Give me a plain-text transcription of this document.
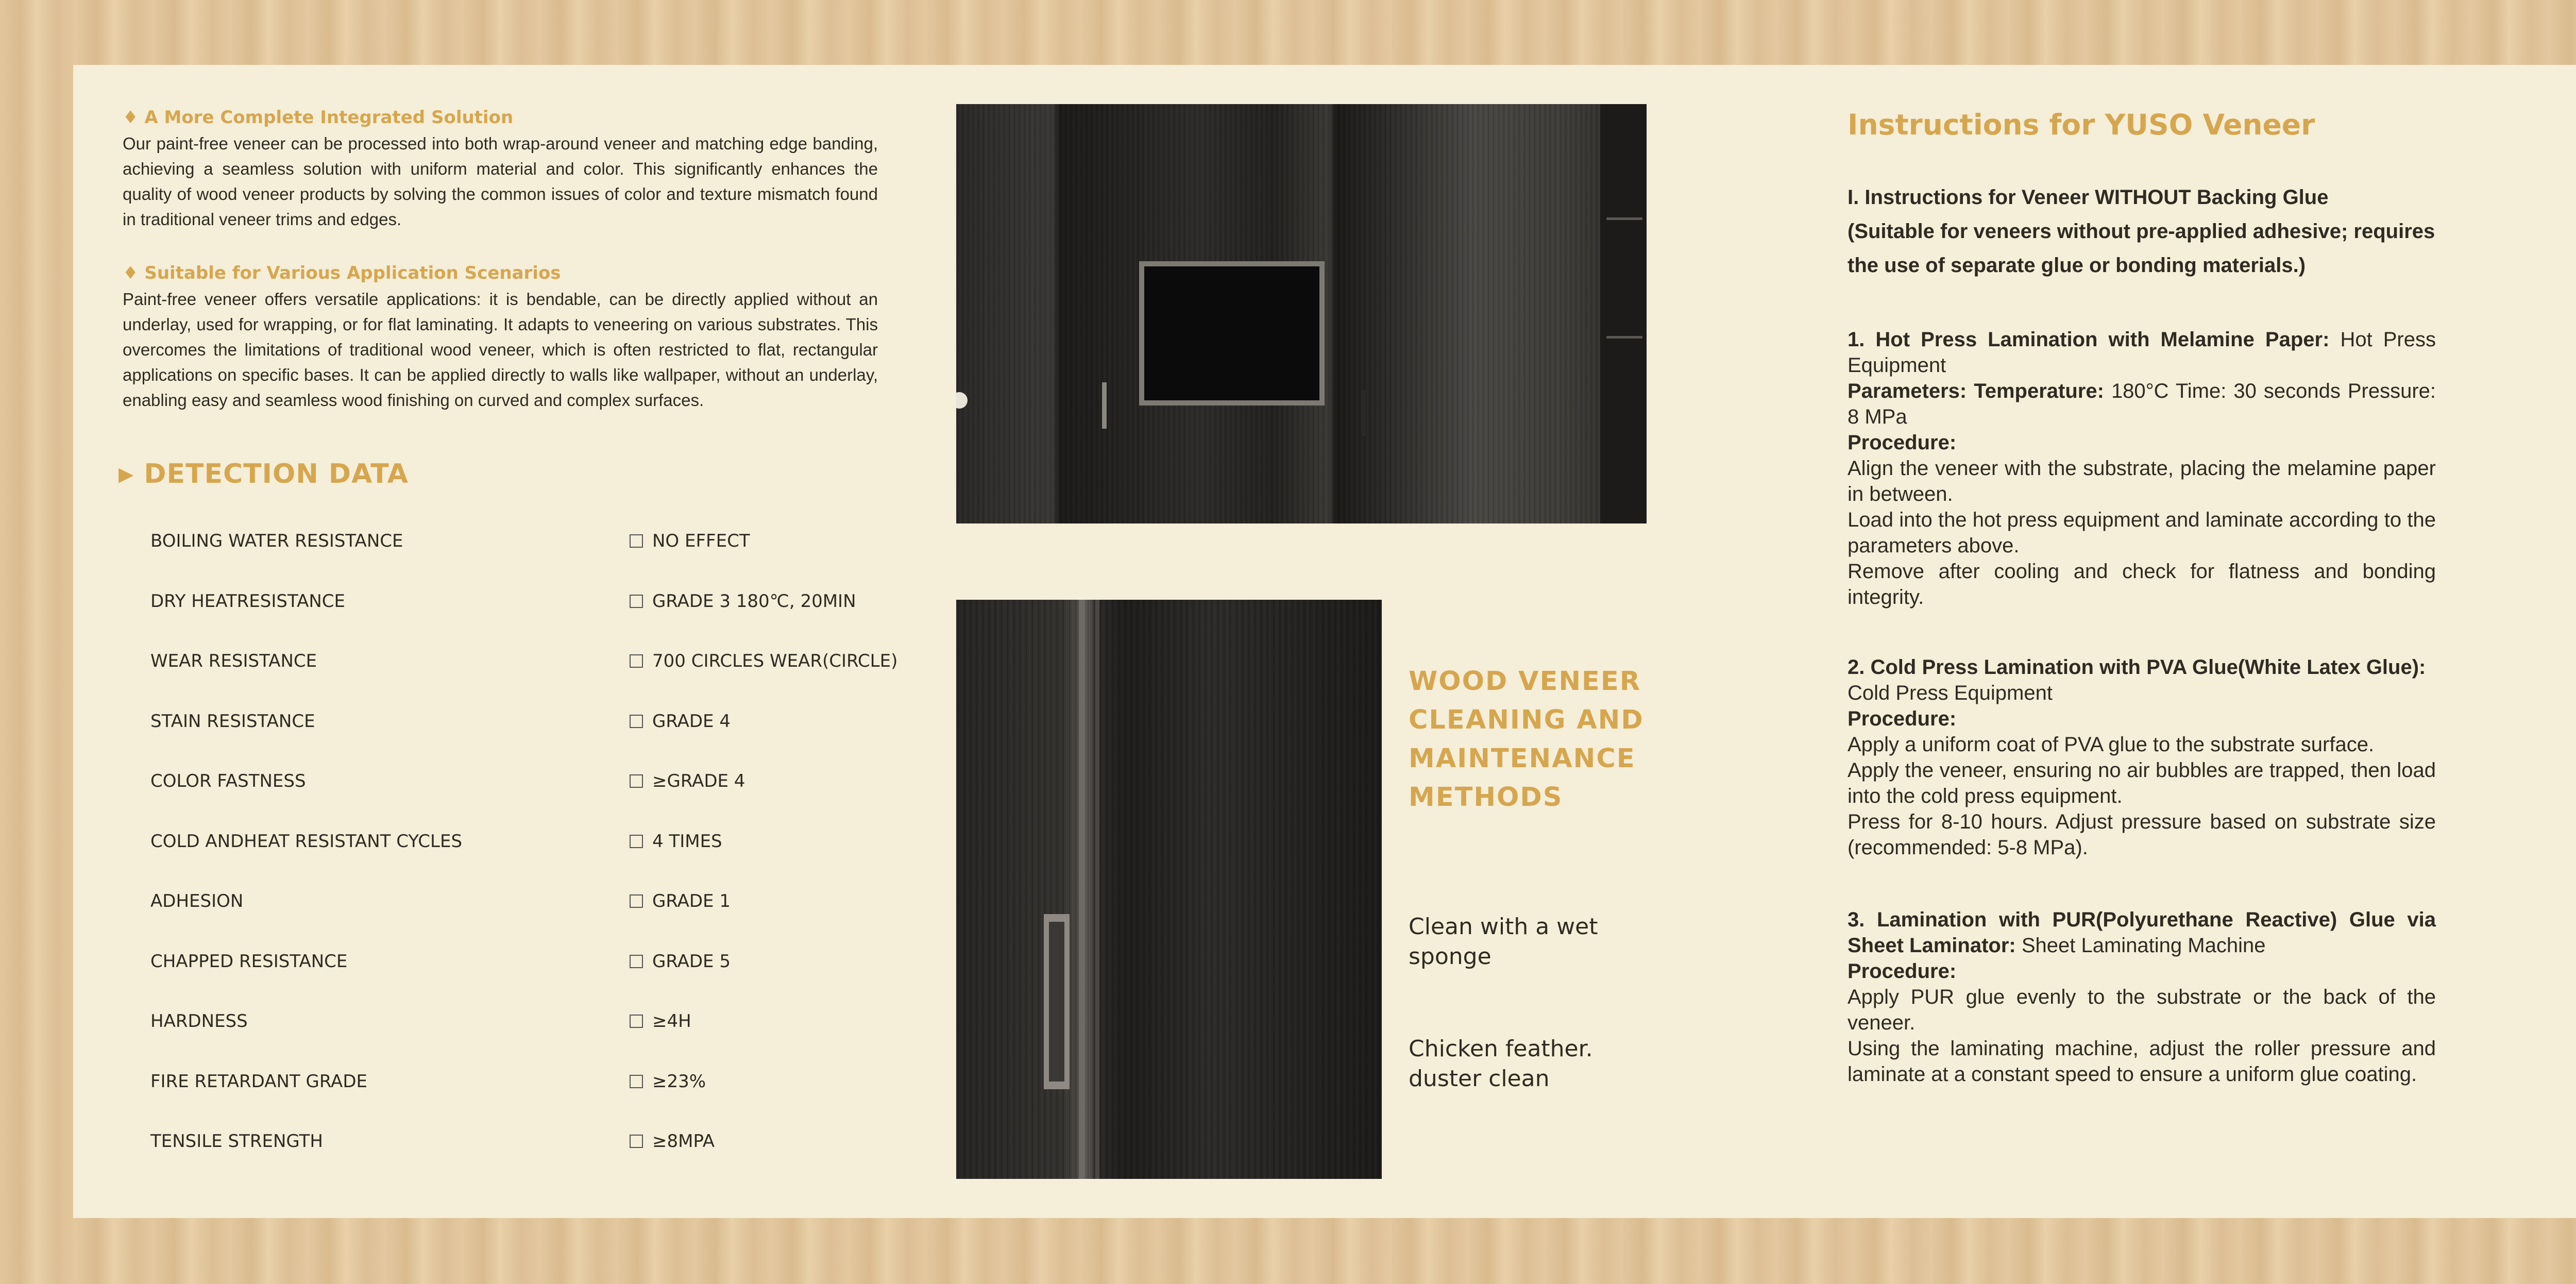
♦ A More Complete Integrated Solution
Our paint-free veneer can be processed into both wrap-around veneer and matching edge banding, achieving a seamless solution with uniform material and color. This significantly enhances the quality of wood veneer products by solving the common issues of color and texture mismatch found in traditional veneer trims and edges.
♦ Suitable for Various Application Scenarios
Paint-free veneer offers versatile applications: it is bendable, can be directly applied without an underlay, used for wrapping, or for flat laminating. It adapts to veneering on various substrates. This overcomes the limitations of traditional wood veneer, which is often restricted to flat, rectangular applications on specific bases. It can be applied directly to walls like wallpaper, without an underlay, enabling easy and seamless wood finishing on curved and complex surfaces.
▶ DETECTION DATA
BOILING WATER RESISTANCE	NO EFFECT
DRY HEATRESISTANCE	GRADE 3 180℃, 20MIN
WEAR RESISTANCE	700 CIRCLES WEAR(CIRCLE)
STAIN RESISTANCE	GRADE 4
COLOR FASTNESS	≥GRADE 4
COLD ANDHEAT RESISTANT CYCLES	4 TIMES
ADHESION	GRADE 1
CHAPPED RESISTANCE	GRADE 5
HARDNESS	≥4H
FIRE RETARDANT GRADE	≥23%
TENSILE STRENGTH	≥8MPA
WOOD VENEER
CLEANING AND
MAINTENANCE
METHODS
Clean with a wet
sponge
Chicken feather.
duster clean
Instructions for YUSO Veneer
I. Instructions for Veneer WITHOUT Backing Glue
(Suitable for veneers without pre-applied adhesive; requires the use of separate glue or bonding materials.)
1. Hot Press Lamination with Melamine Paper: Hot Press Equipment
Parameters: Temperature: 180°C Time: 30 seconds Pressure: 8 MPa
Procedure:
Align the veneer with the substrate, placing the melamine paper in between.
Load into the hot press equipment and laminate according to the parameters above.
Remove after cooling and check for flatness and bonding integrity.
2. Cold Press Lamination with PVA Glue(White Latex Glue):
Cold Press Equipment
Procedure:
Apply a uniform coat of PVA glue to the substrate surface.
Apply the veneer, ensuring no air bubbles are trapped, then load into the cold press equipment.
Press for 8-10 hours. Adjust pressure based on substrate size (recommended: 5-8 MPa).
3. Lamination with PUR(Polyurethane Reactive) Glue via Sheet Laminator: Sheet Laminating Machine
Procedure:
Apply PUR glue evenly to the substrate or the back of the veneer.
Using the laminating machine, adjust the roller pressure and laminate at a constant speed to ensure a uniform glue coating.
